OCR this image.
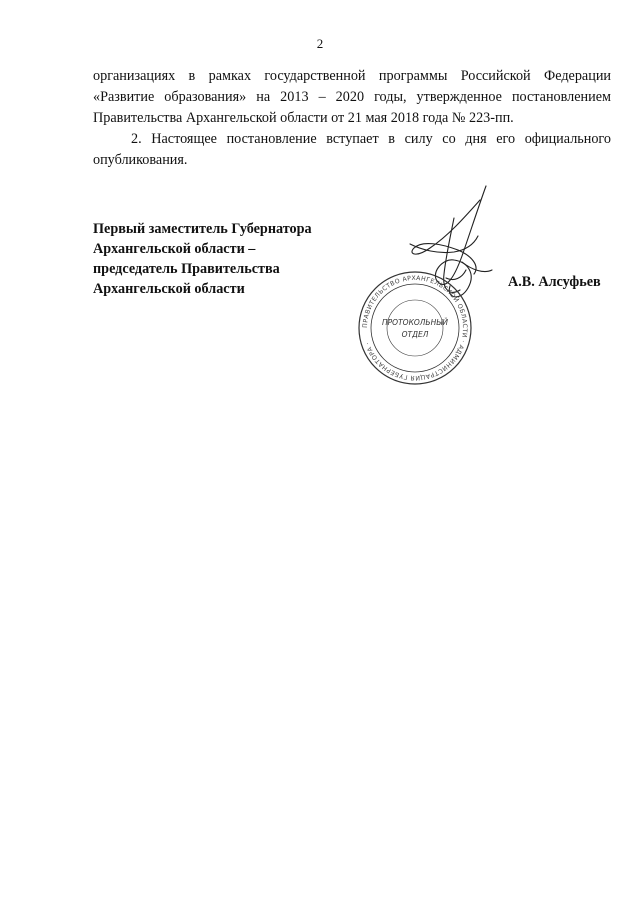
2
организациях в рамках государственной программы Российской Федерации
«Развитие образования» на 2013 – 2020 годы, утвержденное постановлением
Правительства Архангельской области от 21 мая 2018 года № 223-пп.
2. Настоящее постановление вступает в силу со дня его официального
опубликования.
Первый заместитель Губернатора
Архангельской области –
председатель Правительства
Архангельской области
ПРАВИТЕЛЬСТВО АРХАНГЕЛЬСКОЙ ОБЛАСТИ · АДМИНИСТРАЦИЯ ГУБЕРНАТОРА ·
ПРОТОКОЛЬНЫЙ
ОТДЕЛ
А.В. Алсуфьев
